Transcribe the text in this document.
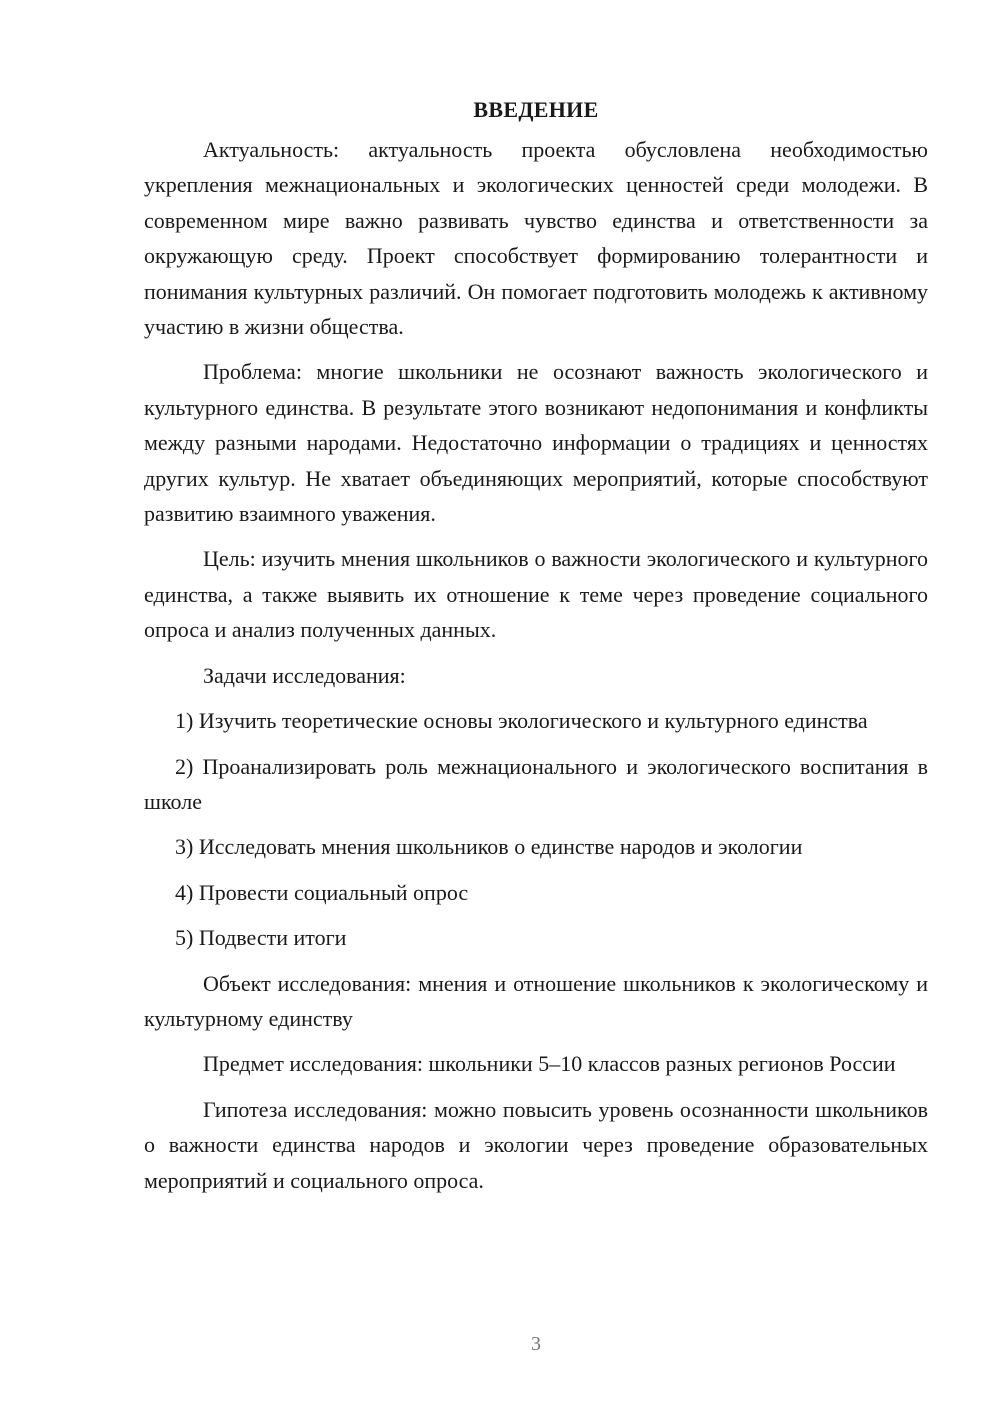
ВВЕДЕНИЕ

Актуальность: актуальность проекта обусловлена необходимостью укрепления межнациональных и экологических ценностей среди молодежи. В современном мире важно развивать чувство единства и ответственности за окружающую среду. Проект способствует формированию толерантности и понимания культурных различий. Он помогает подготовить молодежь к активному участию в жизни общества.

Проблема: многие школьники не осознают важность экологического и культурного единства. В результате этого возникают недопонимания и конфликты между разными народами. Недостаточно информации о традициях и ценностях других культур. Не хватает объединяющих мероприятий, которые способствуют развитию взаимного уважения.

Цель: изучить мнения школьников о важности экологического и культурного единства, а также выявить их отношение к теме через проведение социального опроса и анализ полученных данных.

Задачи исследования:

1) Изучить теоретические основы экологического и культурного единства

2) Проанализировать роль межнационального и экологического воспитания в школе

3) Исследовать мнения школьников о единстве народов и экологии

4) Провести социальный опрос

5) Подвести итоги

Объект исследования: мнения и отношение школьников к экологическому и культурному единству

Предмет исследования: школьники 5–10 классов разных регионов России

Гипотеза исследования: можно повысить уровень осознанности школьников о важности единства народов и экологии через проведение образовательных мероприятий и социального опроса.

3
